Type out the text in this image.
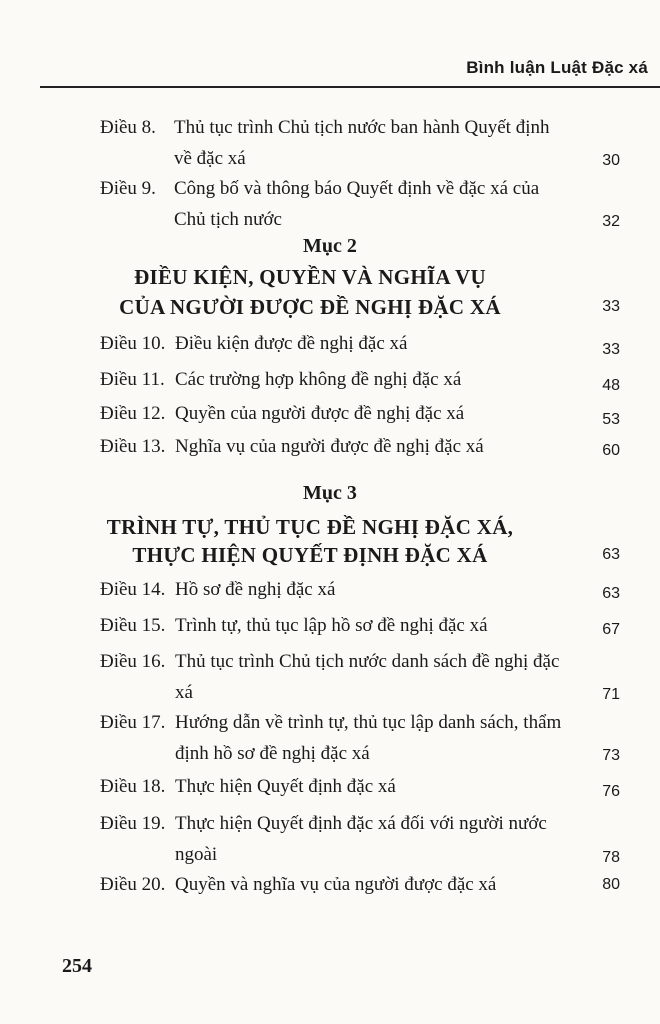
Bình luận Luật Đặc xá
Điều 8. Thủ tục trình Chủ tịch nước ban hành Quyết định về đặc xá	30
Điều 9. Công bố và thông báo Quyết định về đặc xá của Chủ tịch nước	32
Mục 2
ĐIỀU KIỆN, QUYỀN VÀ NGHĨA VỤ
CỦA NGƯỜI ĐƯỢC ĐỀ NGHỊ ĐẶC XÁ	33
Điều 10. Điều kiện được đề nghị đặc xá	33
Điều 11. Các trường hợp không đề nghị đặc xá	48
Điều 12. Quyền của người được đề nghị đặc xá	53
Điều 13. Nghĩa vụ của người được đề nghị đặc xá	60
Mục 3
TRÌNH TỰ, THỦ TỤC ĐỀ NGHỊ ĐẶC XÁ,
THỰC HIỆN QUYẾT ĐỊNH ĐẶC XÁ	63
Điều 14. Hồ sơ đề nghị đặc xá	63
Điều 15. Trình tự, thủ tục lập hồ sơ đề nghị đặc xá	67
Điều 16. Thủ tục trình Chủ tịch nước danh sách đề nghị đặc xá	71
Điều 17. Hướng dẫn về trình tự, thủ tục lập danh sách, thẩm định hồ sơ đề nghị đặc xá	73
Điều 18. Thực hiện Quyết định đặc xá	76
Điều 19. Thực hiện Quyết định đặc xá đối với người nước ngoài	78
Điều 20. Quyền và nghĩa vụ của người được đặc xá	80
254
